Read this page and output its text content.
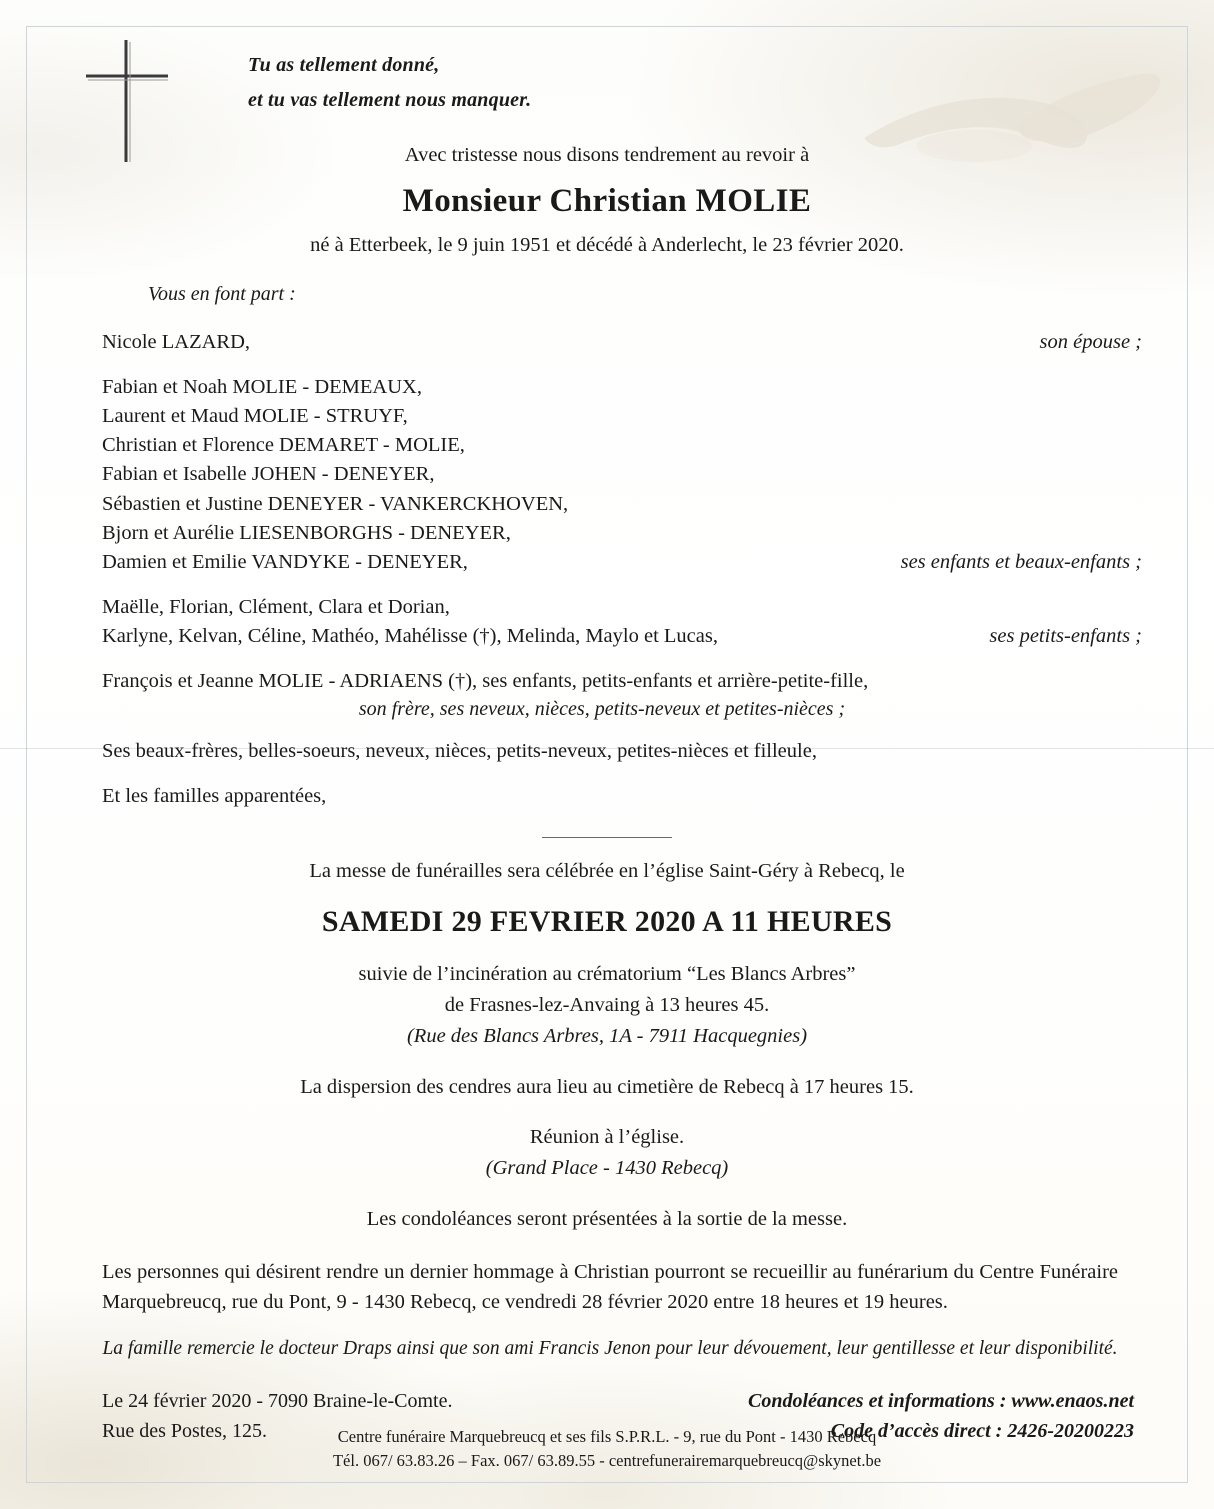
Tu as tellement donné,
et tu vas tellement nous manquer.
Avec tristesse nous disons tendrement au revoir à
Monsieur Christian MOLIE
né à Etterbeek, le 9 juin 1951 et décédé à Anderlecht, le 23 février 2020.
Vous en font part :
Nicole LAZARD,	son épouse ;
Fabian et Noah MOLIE - DEMEAUX,
Laurent et Maud MOLIE - STRUYF,
Christian et Florence DEMARET - MOLIE,
Fabian et Isabelle JOHEN - DENEYER,
Sébastien et Justine DENEYER - VANKERCKHOVEN,
Bjorn et Aurélie LIESENBORGHS - DENEYER,
Damien et Emilie VANDYKE - DENEYER,	ses enfants et beaux-enfants ;
Maëlle, Florian, Clément, Clara et Dorian,
Karlyne, Kelvan, Céline, Mathéo, Mahélisse (†), Melinda, Maylo et Lucas,	ses petits-enfants ;
François et Jeanne MOLIE - ADRIAENS (†), ses enfants, petits-enfants et arrière-petite-fille,
son frère, ses neveux, nièces, petits-neveux et petites-nièces ;
Ses beaux-frères, belles-soeurs, neveux, nièces, petits-neveux, petites-nièces et filleule,
Et les familles apparentées,
La messe de funérailles sera célébrée en l’église Saint-Géry à Rebecq, le
SAMEDI 29 FEVRIER 2020 A 11 HEURES
suivie de l’incinération au crématorium “Les Blancs Arbres”
de Frasnes-lez-Anvaing à 13 heures 45.
(Rue des Blancs Arbres, 1A - 7911 Hacquegnies)
La dispersion des cendres aura lieu au cimetière de Rebecq à 17 heures 15.
Réunion à l’église.
(Grand Place - 1430 Rebecq)
Les condoléances seront présentées à la sortie de la messe.
Les personnes qui désirent rendre un dernier hommage à Christian pourront se recueillir au funérarium du Centre Funéraire Marquebreucq, rue du Pont, 9 - 1430 Rebecq, ce vendredi 28 février 2020 entre 18 heures et 19 heures.
La famille remercie le docteur Draps ainsi que son ami Francis Jenon pour leur dévouement, leur gentillesse et leur disponibilité.
Le 24 février 2020 - 7090 Braine-le-Comte.
Rue des Postes, 125.
Condoléances et informations : www.enaos.net
Code d’accès direct : 2426-20200223
Centre funéraire Marquebreucq et ses fils S.P.R.L. - 9, rue du Pont - 1430 Rebecq
Tél. 067/ 63.83.26 – Fax. 067/ 63.89.55 - centrefunerairemarquebreucq@skynet.be
